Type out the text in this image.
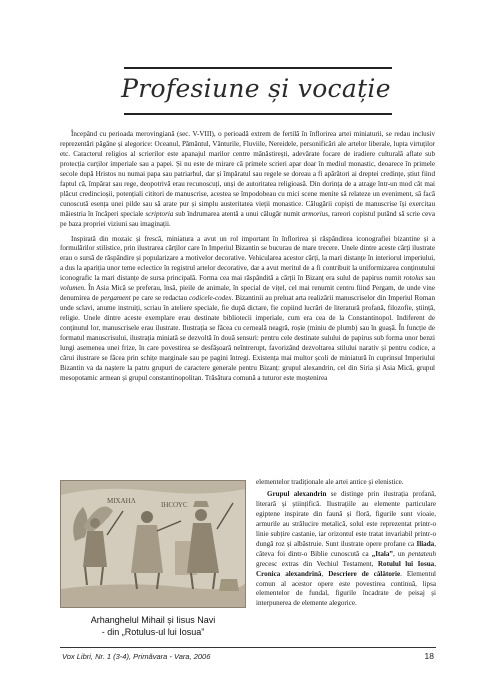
Profesiune și vocație

Începând cu perioada merovingiană (sec. V-VIII), o perioadă extrem de fertilă în înflorirea artei miniaturii, se redau inclusiv reprezentări păgâne și alegorice: Oceanul, Pământul, Vânturile, Fluviile, Nereidele, personificări ale artelor liberale, lupta virtuților etc. Caracterul religios al scrierilor este apanajul marilor centre mănăstirești, adevărate focare de iradiere culturală aflate sub protecția curților imperiale sau a papei. Și nu este de mirare că primele scrieri apar doar în mediul monastic, deoarece în primele secole după Hristos nu numai papa sau patriarhul, dar și împăratul sau regele se doreau a fi apărători ai dreptei credințe, știut fiind faptul că, împărat sau rege, deopotrivă erau recunoscuți, unși de autoritatea religioasă. Din dorința de a atrage într-un mod cât mai plăcut credincioșii, potențiali cititori de manuscrise, acestea se împodobeau cu mici scene menite să relateze un eveniment, să facă cunoscută esența unei pilde sau să arate pur și simplu austeritatea vieții monastice. Călugării copiști de manuscrise își exercitau măiestria în încăperi speciale scriptoria sub îndrumarea atentă a unui călugăr numit armorius, rareori copistul putând să scrie ceva pe baza propriei viziuni sau imaginații.

Inspirată din mozaic și frescă, miniatura a avut un rol important în înflorirea și răspândirea iconografiei bizantine și a formulărilor stilistice, prin ilustrarea cărților care în Imperiul Bizantin se bucurau de mare trecere. Unele dintre aceste cărți ilustrate erau o sursă de răspândire și popularizare a motivelor decorative. Vehicularea acestor cărți, la mari distanțe în interiorul imperiului, a dus la apariția unor teme eclectice în registrul artelor decorative, dar a avut meritul de a fi contribuit la uniformizarea conținutului iconografic la mari distanțe de sursa principală. Forma cea mai răspândită a cărții în Bizanț era sulul de papirus numit rotolus sau volumen. În Asia Mică se preferau, însă, pieile de animale, în special de vițel, cel mai renumit centru fiind Pergam, de unde vine denumirea de pergament pe care se redactau codicele-codex. Bizantinii au preluat arta realizării manuscriselor din Imperiul Roman unde sclavi, anume instruiți, scriau în ateliere speciale, fie după dictare, fie copiind lucrări de literatură profană, filozofie, știință, religie. Unele dintre aceste exemplare erau destinate bibliotecii imperiale, cum era cea de la Constantinopol. Indiferent de conținutul lor, manuscrisele erau ilustrate. Ilustrația se făcea cu cerneală neagră, roșie (miniu de plumb) sau în guașă. În funcție de formatul manuscrisului, ilustrația miniată se dezvoltă în două sensuri: pentru cele destinate sulului de papirus sub forma unor benzi lungi asemenea unei frize, în care povestirea se desfășoară neîntrerupt, favorizând dezvoltarea stilului narativ și pentru codice, a cărui ilustrare se făcea prin schițe marginale sau pe pagini întregi. Existența mai multor școli de miniatură în cuprinsul Imperiului Bizantin va da naștere la patru grupuri de caractere generale pentru Bizanț: grupul alexandrin, cel din Siria și Asia Mică, grupul mesopotamic armean și grupul constantinopolitan. Trăsătura comună a tuturor este moștenirea

ΙΗCΟΥC
ΜΙΧΑΗΛ
Arhanghelul Mihail și Iisus Navi
- din „Rotulus-ul lui Iosua”

elementelor tradiționale ale artei antice și elenistice.

Grupul alexandrin se distinge prin ilustrația profană, literară și științifică. Ilustrațiile au elemente particulare egiptene inspirate din faună și floră, figurile sunt vioaie, armurile au strălucire metalică, solul este reprezentat printr-o linie subțire castanie, iar orizontul este tratat invariabil printr-o dungă roz și albăstruie. Sunt ilustrate opere profane ca Iliada, câteva foi dintr-o Biblie cunoscută ca „Itala”, un pentateuh grecesc extras din Vechiul Testament, Rotulul lui Iosua, Cronica alexandrină, Descriere de călătorie. Elementul comun al acestor opere este povestirea continuă, lipsa elementelor de fundal, figurile încadrate de peisaj și interpunerea de elemente alegorice.

Vox Libri, Nr. 1 (3-4), Primăvara - Vara, 2006	18
